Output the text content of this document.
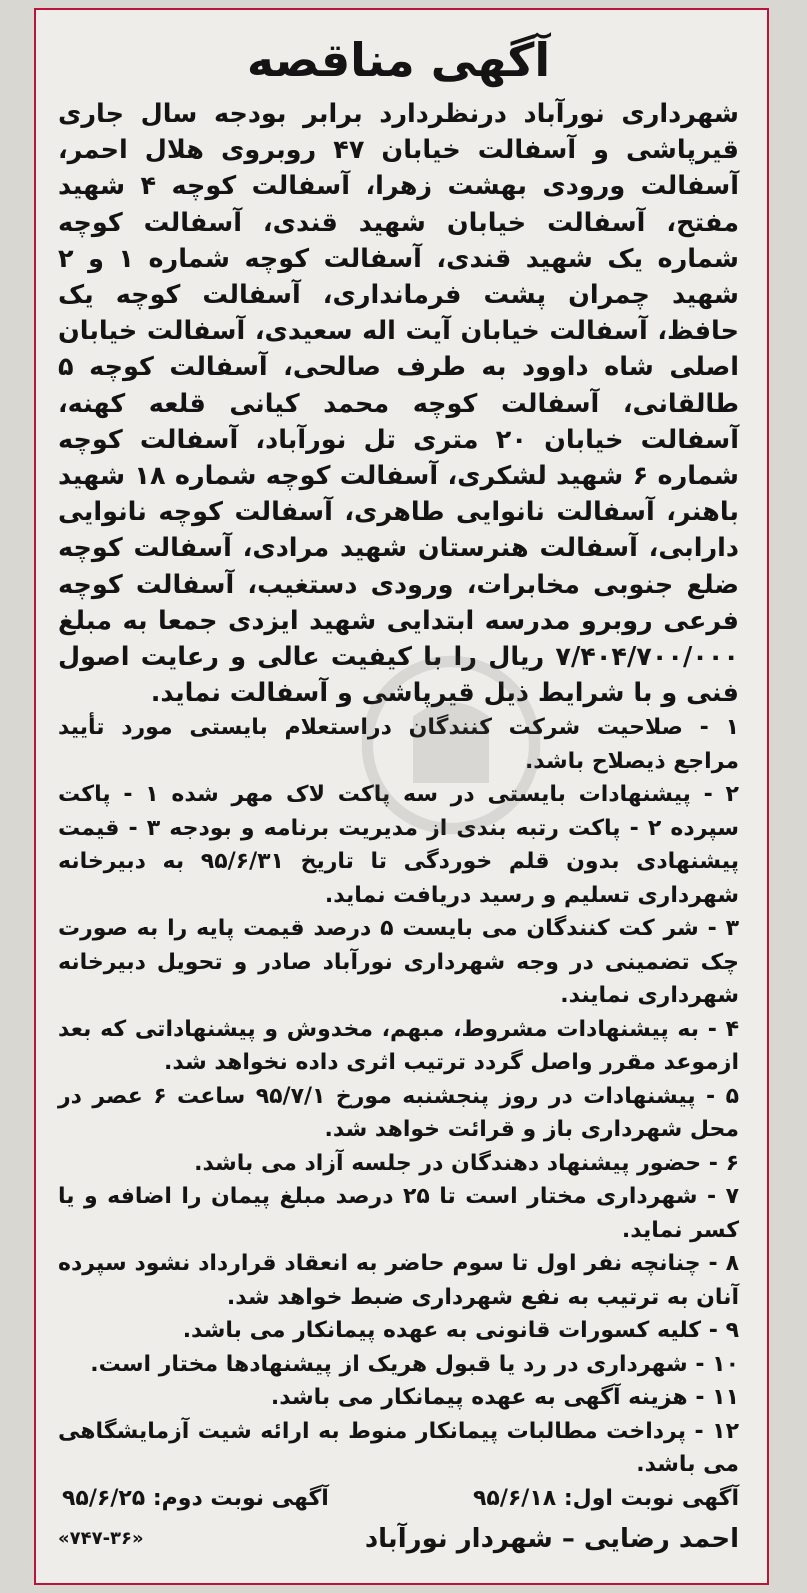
آگهی مناقصه

شهرداری نورآباد درنظردارد برابر بودجه سال جاری قیرپاشی و آسفالت خیابان ۴۷ روبروی هلال احمر، آسفالت ورودی بهشت زهرا، آسفالت کوچه ۴ شهید مفتح، آسفالت خیابان شهید قندی، آسفالت کوچه شماره یک شهید قندی، آسفالت کوچه شماره ۱ و ۲ شهید چمران پشت فرمانداری، آسفالت کوچه یک حافظ، آسفالت خیابان آیت اله سعیدی، آسفالت خیابان اصلی شاه داوود به طرف صالحی، آسفالت کوچه ۵ طالقانی، آسفالت کوچه محمد کیانی قلعه کهنه، آسفالت خیابان ۲۰ متری تل نورآباد، آسفالت کوچه شماره ۶ شهید لشکری، آسفالت کوچه شماره ۱۸ شهید باهنر، آسفالت نانوایی طاهری، آسفالت کوچه نانوایی دارابی، آسفالت هنرستان شهید مرادی، آسفالت کوچه ضلع جنوبی مخابرات، ورودی دستغیب، آسفالت کوچه فرعی روبرو مدرسه ابتدایی شهید ایزدی جمعا به مبلغ ۷/۴۰۴/۷۰۰/۰۰۰ ریال را با کیفیت عالی و رعایت اصول فنی و با شرایط ذیل قیرپاشی و آسفالت نماید.

۱ - صلاحیت شرکت کنندگان دراستعلام بایستی مورد تأیید مراجع ذیصلاح باشد.

۲ - پیشنهادات بایستی در سه پاکت لاک مهر شده ۱ - پاکت سپرده ۲ - پاکت رتبه بندی از مدیریت برنامه و بودجه ۳ - قیمت پیشنهادی بدون قلم خوردگی تا تاریخ ۹۵/۶/۳۱ به دبیرخانه شهرداری تسلیم و رسید دریافت نماید.

۳ - شر کت کنندگان می بایست ۵ درصد قیمت پایه را به صورت چک تضمینی در وجه شهرداری نورآباد صادر و تحویل دبیرخانه شهرداری نمایند.

۴ - به پیشنهادات مشروط، مبهم، مخدوش و پیشنهاداتی که بعد ازموعد مقرر واصل گردد ترتیب اثری داده نخواهد شد.

۵ - پیشنهادات در روز پنجشنبه مورخ ۹۵/۷/۱ ساعت ۶ عصر در محل شهرداری باز و قرائت خواهد شد.

۶ - حضور پیشنهاد دهندگان در جلسه آزاد می باشد.

۷ - شهرداری مختار است تا ۲۵ درصد مبلغ پیمان را اضافه و یا کسر نماید.

۸ - چنانچه نفر اول تا سوم حاضر به انعقاد قرارداد نشود سپرده آنان به ترتیب به نفع شهرداری ضبط خواهد شد.

۹ - کلیه کسورات قانونی به عهده پیمانکار می باشد.

۱۰ - شهرداری در رد یا قبول هریک از پیشنهادها مختار است.

۱۱ - هزینه آگهی به عهده پیمانکار می باشد.

۱۲ - پرداخت مطالبات پیمانکار منوط به ارائه شیت آزمایشگاهی می باشد.

آگهی نوبت اول: ۹۵/۶/۱۸
آگهی نوبت دوم: ۹۵/۶/۲۵
احمد رضایی – شهردار نورآباد
«۷۴۷-۳۶»
